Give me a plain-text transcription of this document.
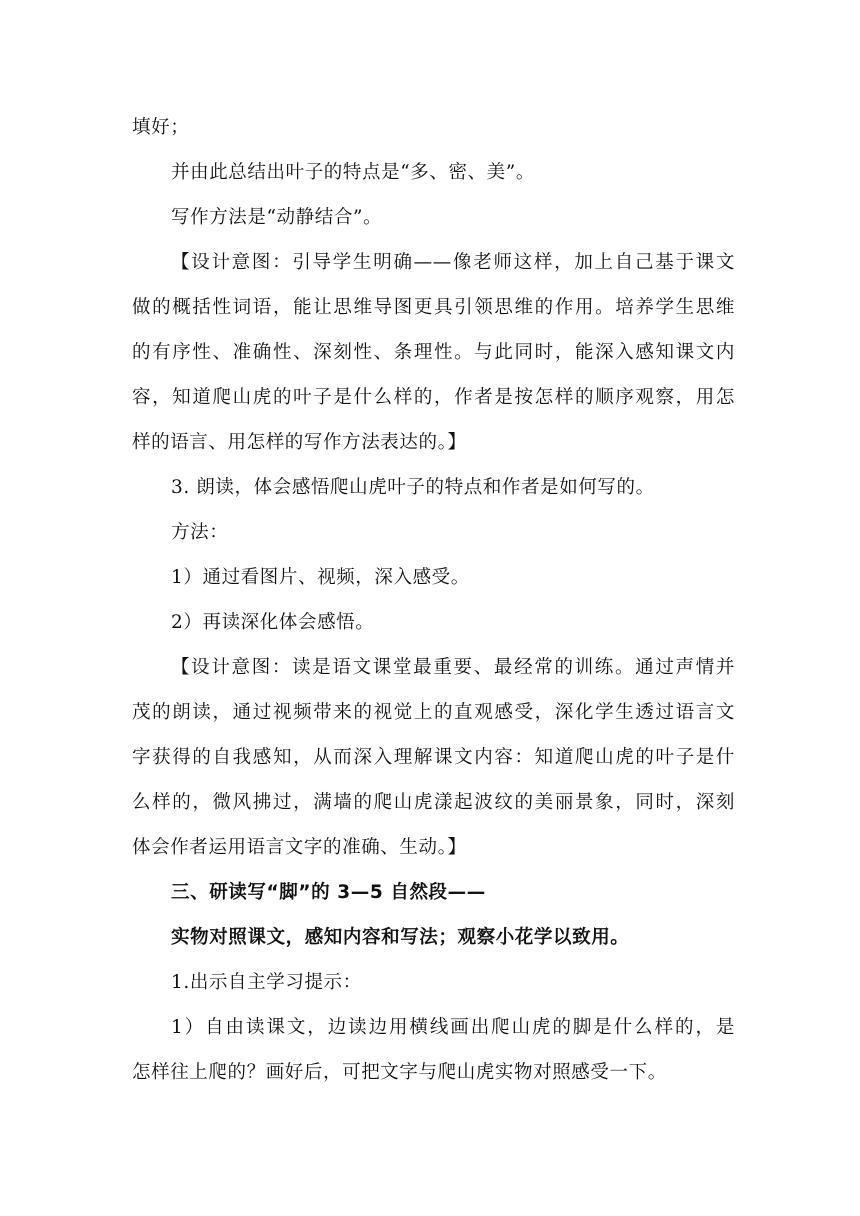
填好；
并由此总结出叶子的特点是“多、密、美”。
写作方法是“动静结合”。
【设计意图：引导学生明确——像老师这样，加上自己基于课文
做的概括性词语，能让思维导图更具引领思维的作用。培养学生思维
的有序性、准确性、深刻性、条理性。与此同时，能深入感知课文内
容，知道爬山虎的叶子是什么样的，作者是按怎样的顺序观察，用怎
样的语言、用怎样的写作方法表达的。】
3. 朗读，体会感悟爬山虎叶子的特点和作者是如何写的。
方法：
1）通过看图片、视频，深入感受。
2）再读深化体会感悟。
【设计意图：读是语文课堂最重要、最经常的训练。通过声情并
茂的朗读，通过视频带来的视觉上的直观感受，深化学生透过语言文
字获得的自我感知，从而深入理解课文内容：知道爬山虎的叶子是什
么样的，微风拂过，满墙的爬山虎漾起波纹的美丽景象，同时，深刻
体会作者运用语言文字的准确、生动。】
三、研读写“脚”的 3—5 自然段——
实物对照课文，感知内容和写法；观察小花学以致用。
1.出示自主学习提示：
1）自由读课文，边读边用横线画出爬山虎的脚是什么样的，是
怎样往上爬的？画好后，可把文字与爬山虎实物对照感受一下。
